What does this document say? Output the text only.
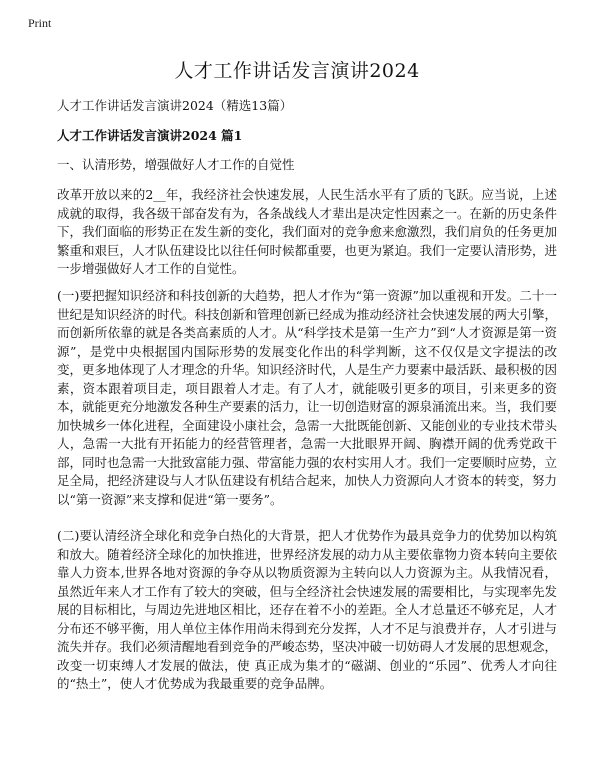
Print
人才工作讲话发言演讲2024
人才工作讲话发言演讲2024（精选13篇）
人才工作讲话发言演讲2024 篇1
一、认清形势，增强做好人才工作的自觉性

改革开放以来的2__年，我经济社会快速发展，人民生活水平有了质的飞跃。应当说，上述成就的取得，我各级干部奋发有为，各条战线人才辈出是决定性因素之一。在新的历史条件下，我们面临的形势正在发生新的变化，我们面对的竞争愈来愈激烈，我们肩负的任务更加繁重和艰巨，人才队伍建设比以往任何时候都重要，也更为紧迫。我们一定要认清形势，进一步增强做好人才工作的自觉性。

(一)要把握知识经济和科技创新的大趋势，把人才作为“第一资源”加以重视和开发。二十一世纪是知识经济的时代。科技创新和管理创新已经成为推动经济社会快速发展的两大引擎，而创新所依靠的就是各类高素质的人才。从“科学技术是第一生产力”到“人才资源是第一资源”，是党中央根据国内国际形势的发展变化作出的科学判断，这不仅仅是文字提法的改变，更多地体现了人才理念的升华。知识经济时代，人是生产力要素中最活跃、最积极的因素，资本跟着项目走，项目跟着人才走。有了人才，就能吸引更多的项目，引来更多的资本，就能更充分地激发各种生产要素的活力，让一切创造财富的源泉涌流出来。当，我们要加快城乡一体化进程，全面建设小康社会，急需一大批既能创新、又能创业的专业技术带头人，急需一大批有开拓能力的经营管理者，急需一大批眼界开阔、胸襟开阔的优秀党政干部，同时也急需一大批致富能力强、带富能力强的农村实用人才。我们一定要顺时应势，立足全局，把经济建设与人才队伍建设有机结合起来，加快人力资源向人才资本的转变，努力以“第一资源”来支撑和促进“第一要务”。

(二)要认清经济全球化和竞争白热化的大背景，把人才优势作为最具竞争力的优势加以构筑和放大。随着经济全球化的加快推进，世界经济发展的动力从主要依靠物力资本转向主要依靠人力资本,世界各地对资源的争夺从以物质资源为主转向以人力资源为主。从我情况看，虽然近年来人才工作有了较大的突破，但与全经济社会快速发展的需要相比，与实现率先发展的目标相比，与周边先进地区相比，还存在着不小的差距。全人才总量还不够充足，人才分布还不够平衡，用人单位主体作用尚未得到充分发挥，人才不足与浪费并存，人才引进与流失并存。我们必须清醒地看到竞争的严峻态势，坚决冲破一切妨碍人才发展的思想观念，改变一切束缚人才发展的做法，使 真正成为集才的“磁湖、创业的“乐园”、优秀人才向往的“热土”，使人才优势成为我最重要的竞争品牌。
